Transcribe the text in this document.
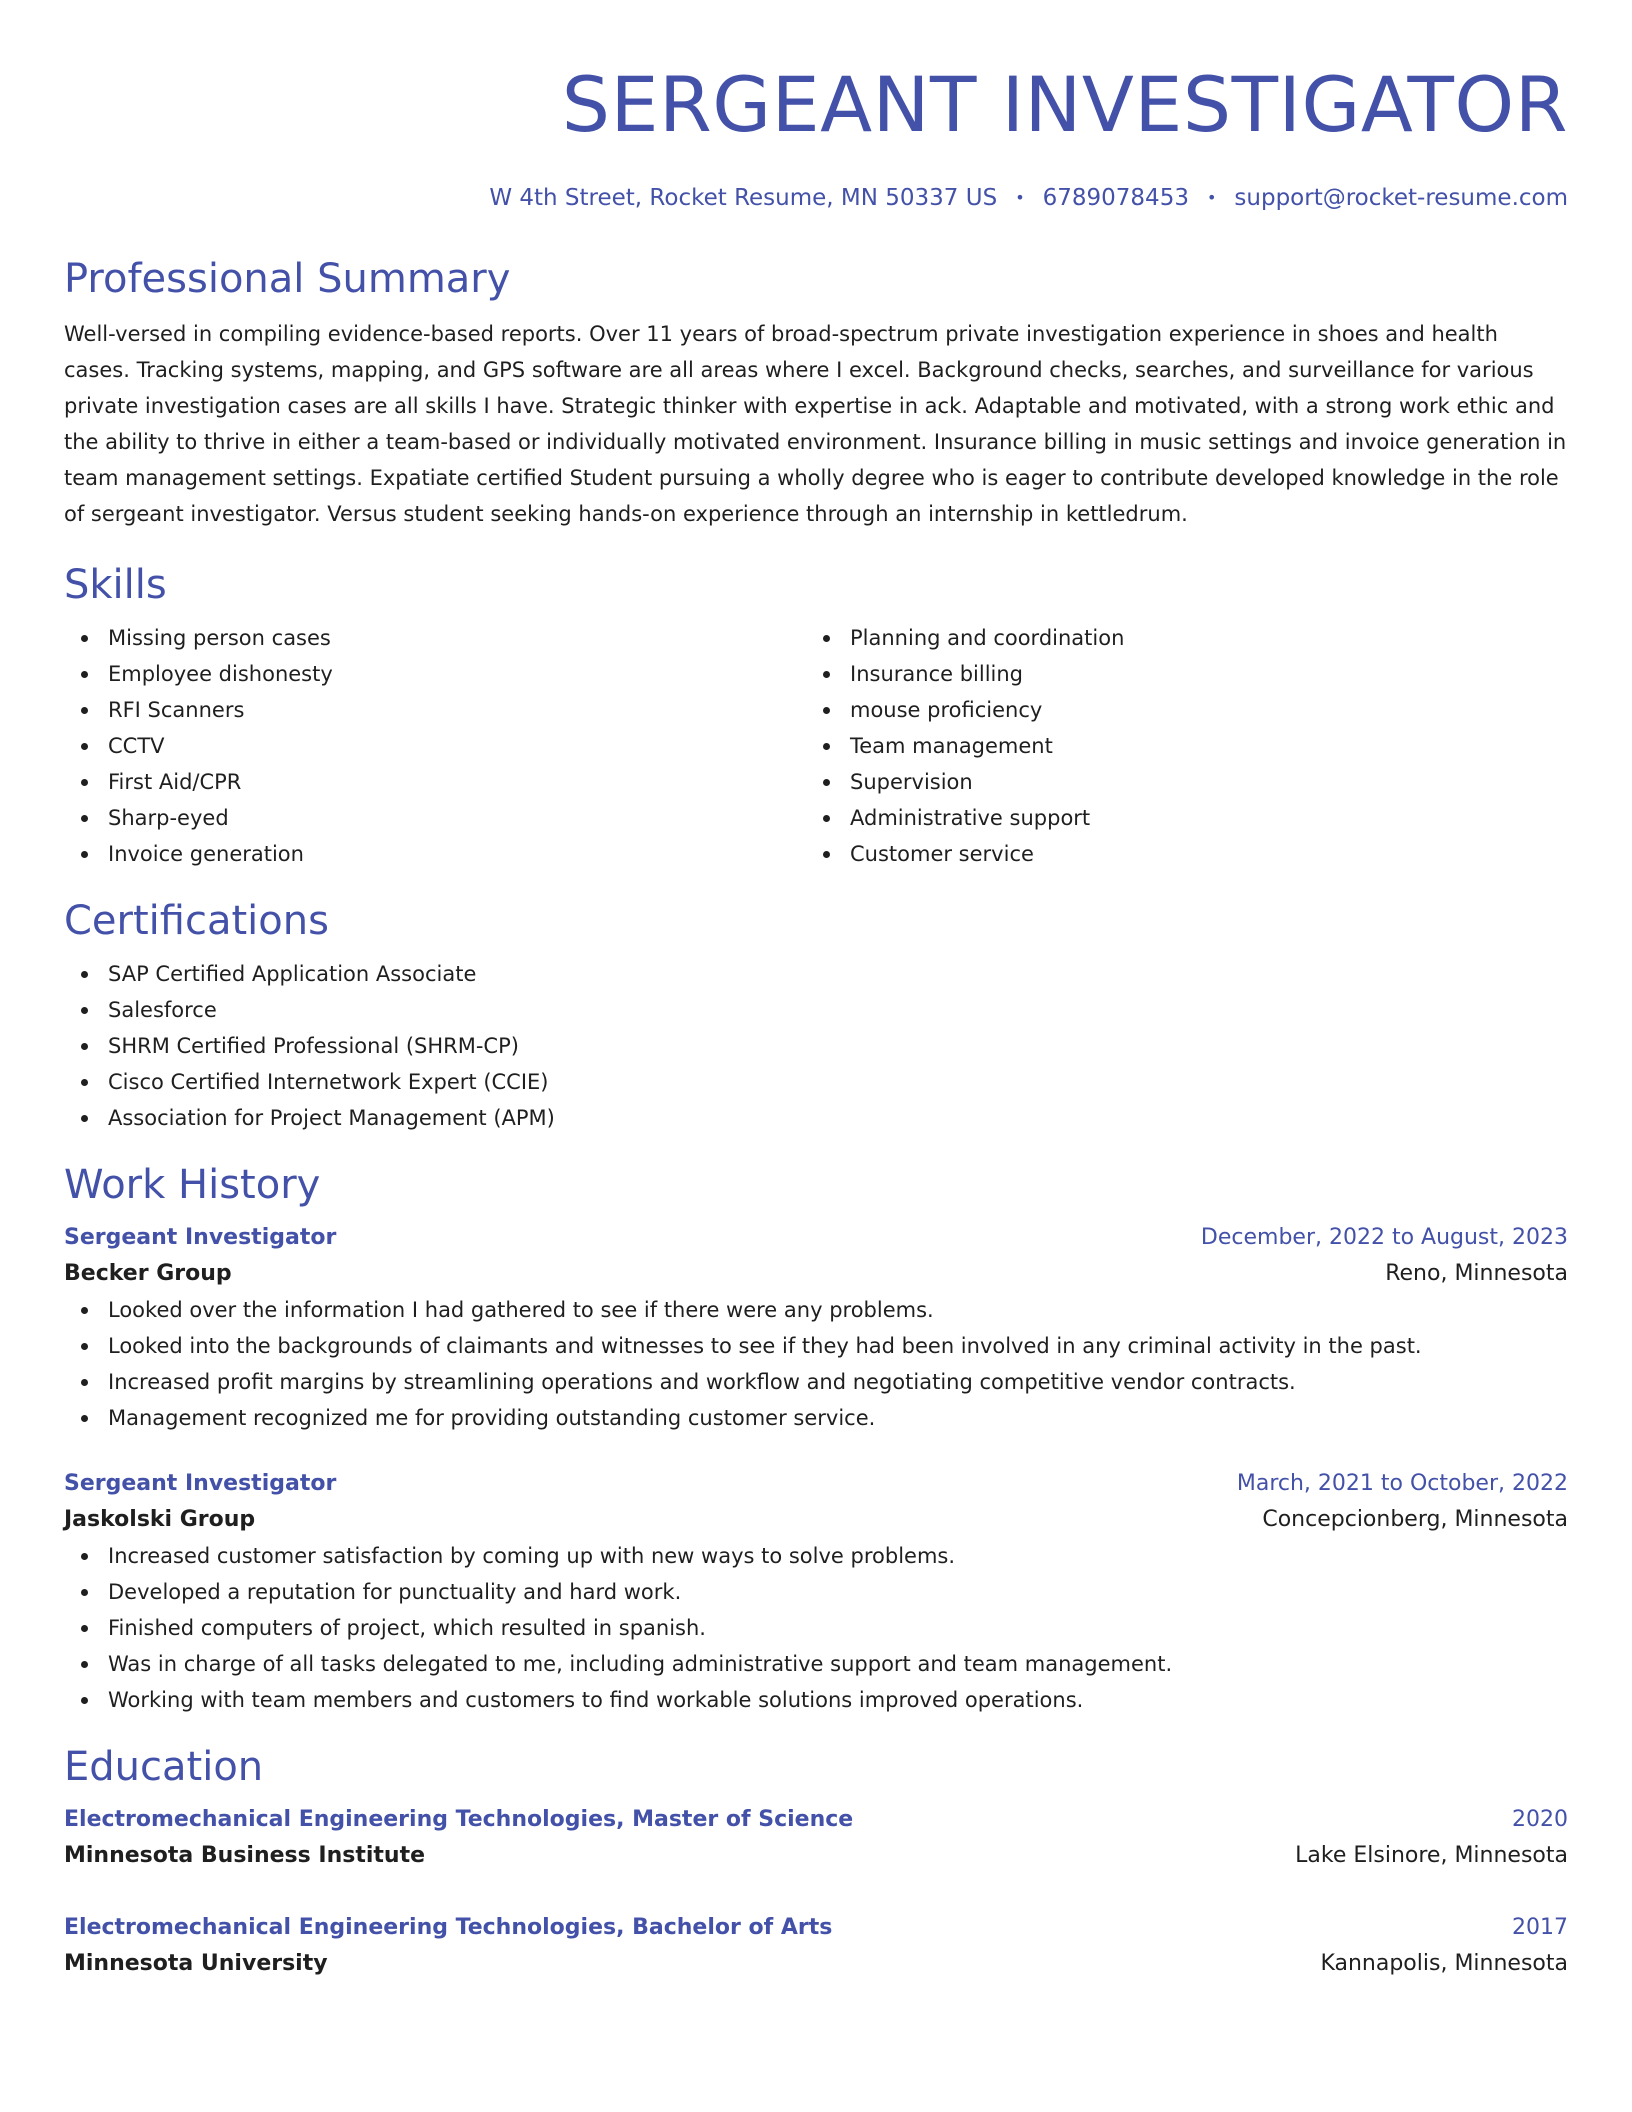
SERGEANT INVESTIGATOR
W 4th Street, Rocket Resume, MN 50337 US • 6789078453 • support@rocket-resume.com
Professional Summary
Well-versed in compiling evidence-based reports. Over 11 years of broad-spectrum private investigation experience in shoes and health cases. Tracking systems, mapping, and GPS software are all areas where I excel. Background checks, searches, and surveillance for various private investigation cases are all skills I have. Strategic thinker with expertise in ack. Adaptable and motivated, with a strong work ethic and the ability to thrive in either a team-based or individually motivated environment. Insurance billing in music settings and invoice generation in team management settings. Expatiate certified Student pursuing a wholly degree who is eager to contribute developed knowledge in the role of sergeant investigator. Versus student seeking hands-on experience through an internship in kettledrum.
Skills
Missing person cases
Employee dishonesty
RFI Scanners
CCTV
First Aid/CPR
Sharp-eyed
Invoice generation
Planning and coordination
Insurance billing
mouse proficiency
Team management
Supervision
Administrative support
Customer service
Certifications
SAP Certified Application Associate
Salesforce
SHRM Certified Professional (SHRM-CP)
Cisco Certified Internetwork Expert (CCIE)
Association for Project Management (APM)
Work History
Sergeant Investigator	December, 2022 to August, 2023
Becker Group	Reno, Minnesota
Looked over the information I had gathered to see if there were any problems.
Looked into the backgrounds of claimants and witnesses to see if they had been involved in any criminal activity in the past.
Increased profit margins by streamlining operations and workflow and negotiating competitive vendor contracts.
Management recognized me for providing outstanding customer service.
Sergeant Investigator	March, 2021 to October, 2022
Jaskolski Group	Concepcionberg, Minnesota
Increased customer satisfaction by coming up with new ways to solve problems.
Developed a reputation for punctuality and hard work.
Finished computers of project, which resulted in spanish.
Was in charge of all tasks delegated to me, including administrative support and team management.
Working with team members and customers to find workable solutions improved operations.
Education
Electromechanical Engineering Technologies, Master of Science	2020
Minnesota Business Institute	Lake Elsinore, Minnesota
Electromechanical Engineering Technologies, Bachelor of Arts	2017
Minnesota University	Kannapolis, Minnesota
